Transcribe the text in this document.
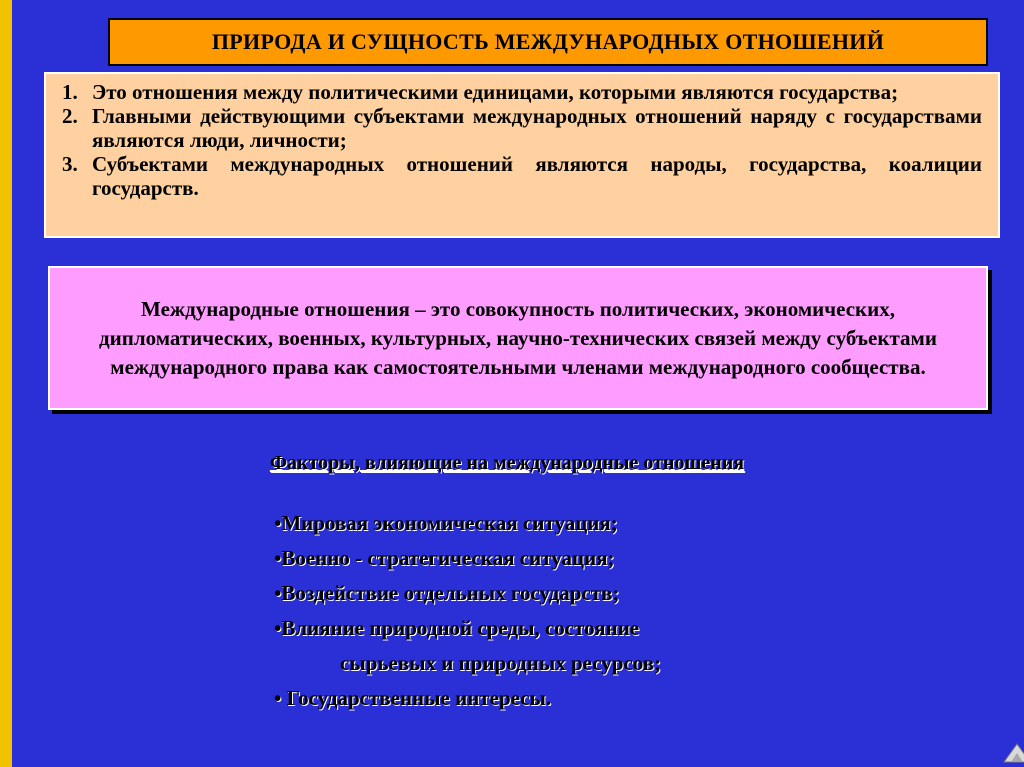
ПРИРОДА И СУЩНОСТЬ МЕЖДУНАРОДНЫХ ОТНОШЕНИЙ
1. Это отношения между политическими единицами, которыми являются государства;
2. Главными действующими субъектами международных отношений наряду с государствами являются люди, личности;
3. Субъектами международных отношений являются народы, государства, коалиции государств.
Международные отношения – это совокупность политических, экономических, дипломатических, военных, культурных, научно-технических связей между субъектами международного права как самостоятельными членами международного сообщества.
Факторы, влияющие на международные отношения
•Мировая экономическая ситуация;
•Военно - стратегическая ситуация;
•Воздействие отдельных государств;
•Влияние природной среды, состояние
сырьевых и природных ресурсов;
• Государственные интересы.
